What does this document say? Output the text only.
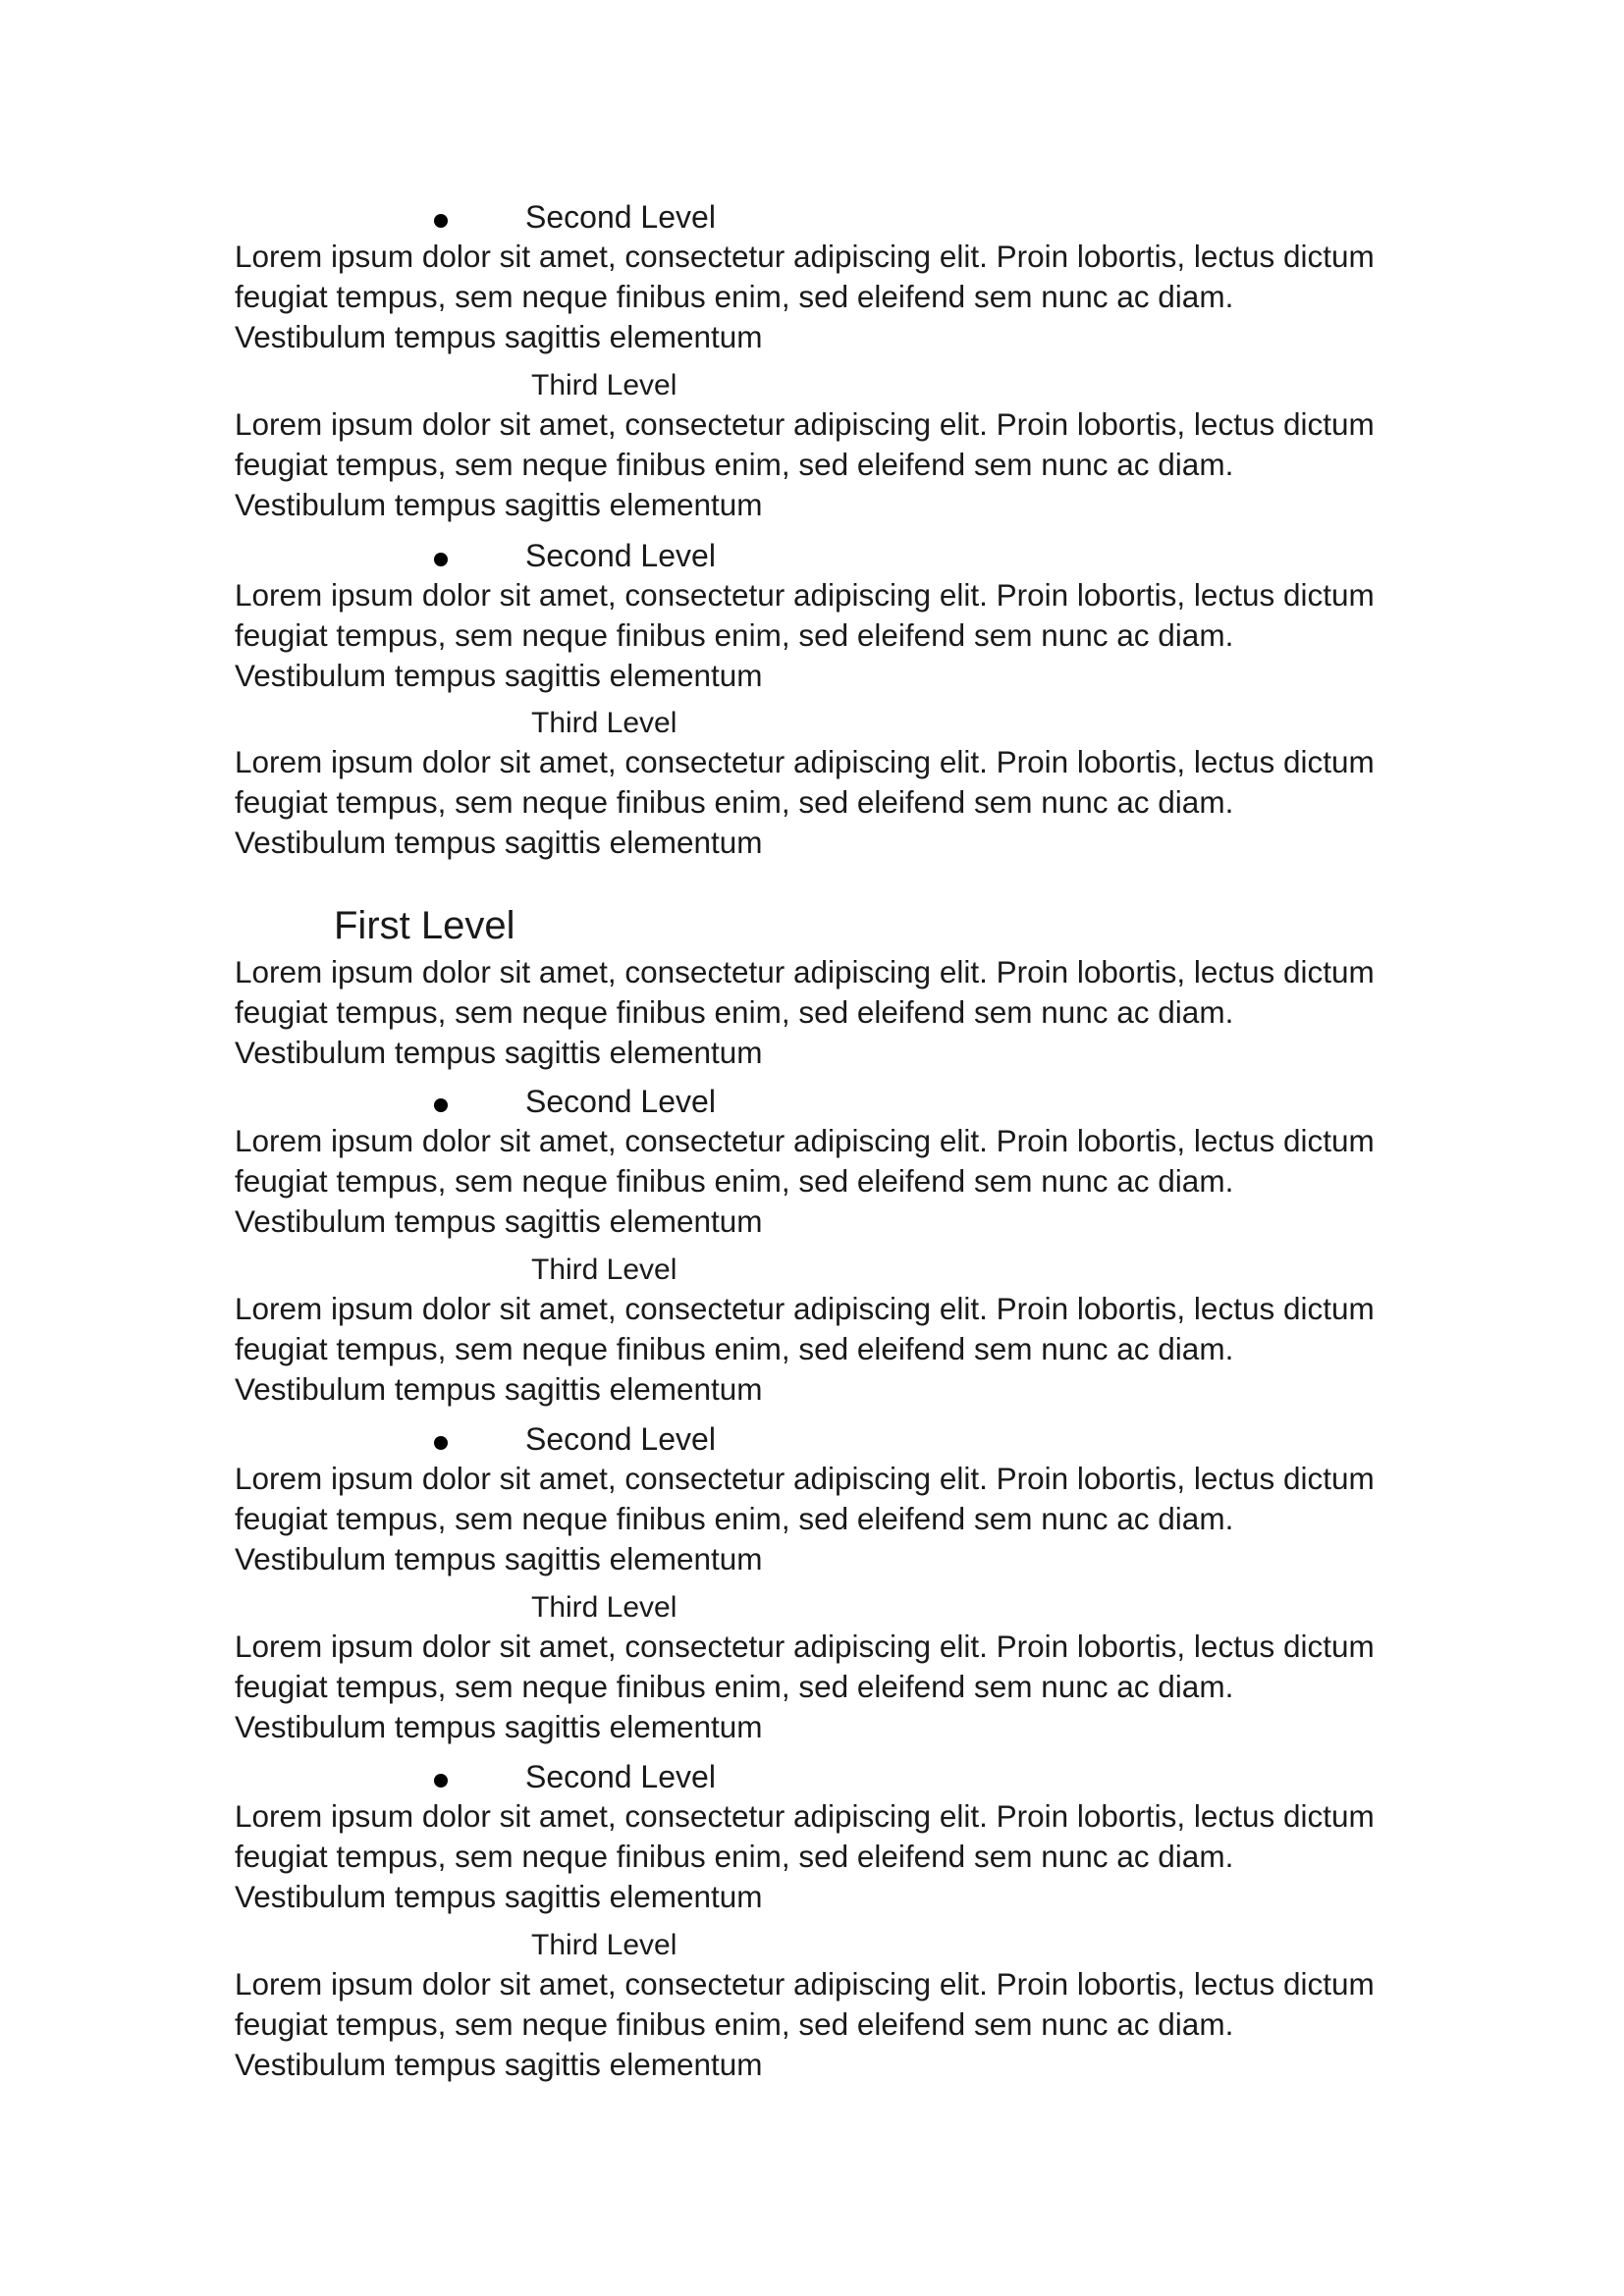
Second Level
Lorem ipsum dolor sit amet, consectetur adipiscing elit. Proin lobortis, lectus dictum feugiat tempus, sem neque finibus enim, sed eleifend sem nunc ac diam. Vestibulum tempus sagittis elementum
Third Level
Lorem ipsum dolor sit amet, consectetur adipiscing elit. Proin lobortis, lectus dictum feugiat tempus, sem neque finibus enim, sed eleifend sem nunc ac diam. Vestibulum tempus sagittis elementum
Second Level
Lorem ipsum dolor sit amet, consectetur adipiscing elit. Proin lobortis, lectus dictum feugiat tempus, sem neque finibus enim, sed eleifend sem nunc ac diam. Vestibulum tempus sagittis elementum
Third Level
Lorem ipsum dolor sit amet, consectetur adipiscing elit. Proin lobortis, lectus dictum feugiat tempus, sem neque finibus enim, sed eleifend sem nunc ac diam. Vestibulum tempus sagittis elementum
First Level
Lorem ipsum dolor sit amet, consectetur adipiscing elit. Proin lobortis, lectus dictum feugiat tempus, sem neque finibus enim, sed eleifend sem nunc ac diam. Vestibulum tempus sagittis elementum
Second Level
Lorem ipsum dolor sit amet, consectetur adipiscing elit. Proin lobortis, lectus dictum feugiat tempus, sem neque finibus enim, sed eleifend sem nunc ac diam. Vestibulum tempus sagittis elementum
Third Level
Lorem ipsum dolor sit amet, consectetur adipiscing elit. Proin lobortis, lectus dictum feugiat tempus, sem neque finibus enim, sed eleifend sem nunc ac diam. Vestibulum tempus sagittis elementum
Second Level
Lorem ipsum dolor sit amet, consectetur adipiscing elit. Proin lobortis, lectus dictum feugiat tempus, sem neque finibus enim, sed eleifend sem nunc ac diam. Vestibulum tempus sagittis elementum
Third Level
Lorem ipsum dolor sit amet, consectetur adipiscing elit. Proin lobortis, lectus dictum feugiat tempus, sem neque finibus enim, sed eleifend sem nunc ac diam. Vestibulum tempus sagittis elementum
Second Level
Lorem ipsum dolor sit amet, consectetur adipiscing elit. Proin lobortis, lectus dictum feugiat tempus, sem neque finibus enim, sed eleifend sem nunc ac diam. Vestibulum tempus sagittis elementum
Third Level
Lorem ipsum dolor sit amet, consectetur adipiscing elit. Proin lobortis, lectus dictum feugiat tempus, sem neque finibus enim, sed eleifend sem nunc ac diam. Vestibulum tempus sagittis elementum
